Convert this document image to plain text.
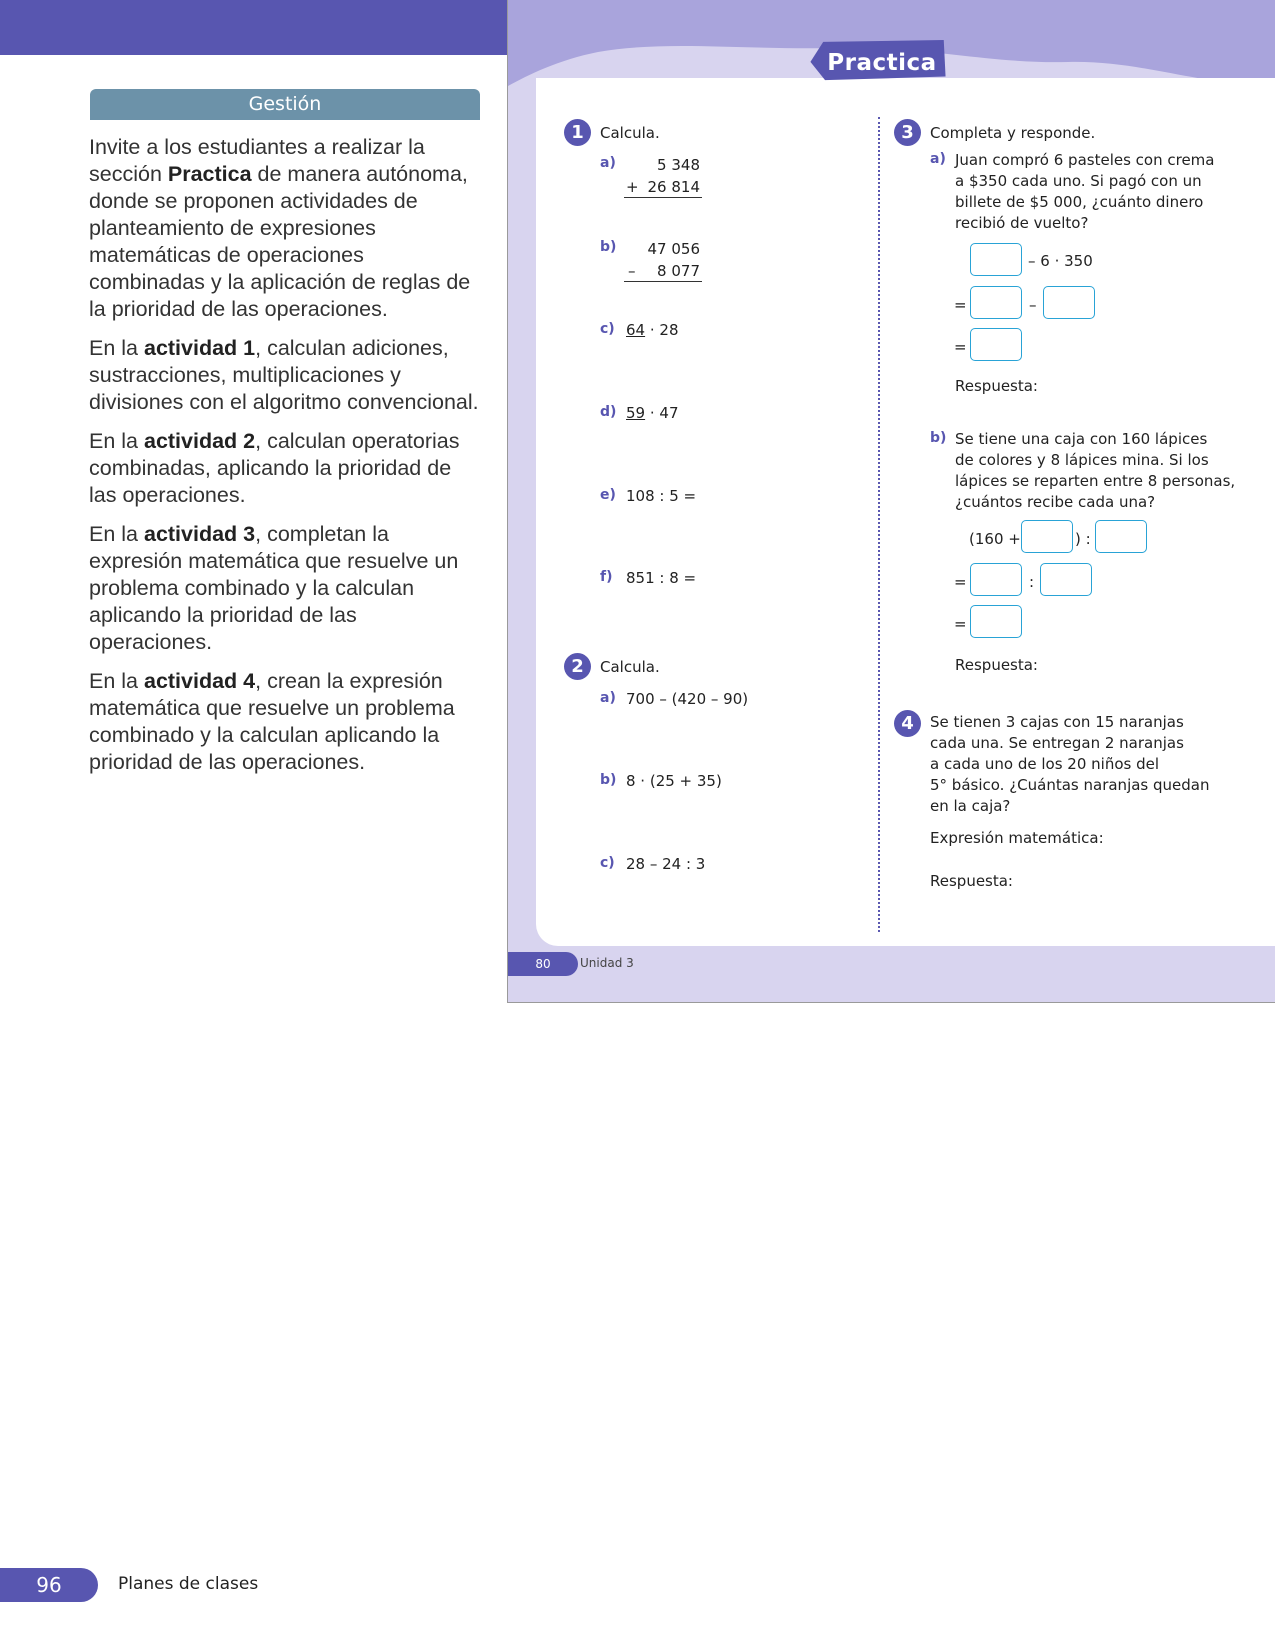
Gestión

Invite a los estudiantes a realizar la sección Practica de manera autónoma, donde se proponen actividades de planteamiento de expresiones matemáticas de operaciones combinadas y la aplicación de reglas de la prioridad de las operaciones.

En la actividad 1, calculan adiciones, sustracciones, multiplicaciones y divisiones con el algoritmo convencional.

En la actividad 2, calculan operatorias combinadas, aplicando la prioridad de las operaciones.

En la actividad 3, completan la expresión matemática que resuelve un problema combinado y la calculan aplicando la prioridad de las operaciones.

En la actividad 4, crean la expresión matemática que resuelve un problema combinado y la calculan aplicando la prioridad de las operaciones.

Practica
1	Calcula.
a)	5 348
+ 26 814
b)	47 056
–	8 077
c) 64 · 28
d) 59 · 47
e) 108 : 5 =
f) 851 : 8 =
2	Calcula.
a) 700 – (420 – 90)
b) 8 · (25 + 35)
c) 28 – 24 : 3
3	Completa y responde.
a) Juan compró 6 pasteles con crema
a $350 cada uno. Si pagó con un
billete de $5 000, ¿cuánto dinero
recibió de vuelto?
– 6 · 350
=	–
=
Respuesta:
b) Se tiene una caja con 160 lápices
de colores y 8 lápices mina. Si los
lápices se reparten entre 8 personas,
¿cuántos recibe cada una?
(160 +	) :
=	:
=
Respuesta:
4	Se tienen 3 cajas con 15 naranjas
cada una. Se entregan 2 naranjas
a cada uno de los 20 niños del
5° básico. ¿Cuántas naranjas quedan
en la caja?
Expresión matemática:
Respuesta:
80	Unidad 3
96	Planes de clases
